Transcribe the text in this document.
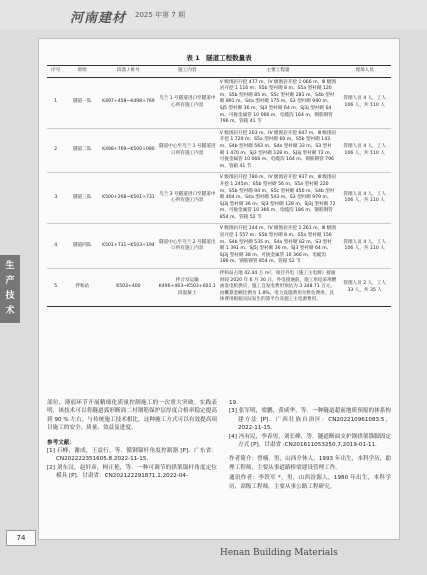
河南建材 2025 年第 7 期
生
产
技
术
表 1　隧道工程数量表
序号	班组	段落 / 桩号	施工内容	主要工程量	现场人员
1	隧道一队	K497+458~K498+769	乌兰 1 号隧道进口至隧道中心所有施工内容	V 级围岩开挖 477 m，IV 级围岩开挖 1 066 m，Ⅲ 级围岩开挖 1 116 m；S5b 型衬砌 8 m、S5a 型衬砌 120 m、S5b 型衬砌 85 m、S5c 型衬砌 281 m、S4b 型衬砌 891 m、S4a 型衬砌 175 m、S3 型衬砌 940 m、SJ5 型衬砌 36 m、SJ3 型衬砌 64 m、SJ3j 型衬砌 64 m、可拢金属管 10 066 m、电缆沟 164 m、钢筋钢管 796 m、管箱 41 节	管理人员 4 人，工人 106 人，共 110 人
2	隧道二队	K498+769~K500+080	隧道中心至乌兰 1 号隧道进口所有施工内容	V 级围岩开挖 263 m，IV 级围岩开挖 647 m，Ⅲ 级围岩开挖 1 729 m；S5a 型衬砌 60 m、S5b 型衬砌 143 m、S4b 型衬砌 563 m、S4a 型衬砌 33 m、S3 型衬砌 1 470 m、SJ3 型衬砌 128 m、SJ3j 型衬砌 72 m、可拢金属管 10 066 m、电缆沟 164 m、钢筋钢管 796 m、管箱 41 节	管理人员 4 人，工人 106 人，共 110 人
3	隧道三队	K500+268~K501+731	乌兰 2 号隧道进口至隧道中心所有施工内容	V 级围岩开挖 780 m，IV 级围岩开挖 937 m，Ⅲ 级围岩开挖 1 245m；S5b 型衬砌 56 m、S5a 型衬砌 220 m、S5b 型衬砌 94 m、S5c 型衬砌 450 m、S4b 型衬砌 404 m、S4a 型衬砌 543 m、S3 型衬砌 979 m、SJ3j 型衬砌 36 m、SJ3 型衬砌 128 m、SJ3j 型衬砌 72 m、可拢金属管 10 366 m、电缆沟 186 m、钢筋钢管 854 m、管箱 52 节	管理人员 4 人，工人 106 人，共 110 人
4	隧道四队	K501+731~K503+194	隧道中心至乌兰 2 号隧道出口所有施工内容	V 级围岩开挖 144 m，IV 级围岩开挖 1 261 m，Ⅲ 级围岩开挖 1 557 m；S5b 型衬砌 8 m、S5a 型衬砌 156 m、S4b 型衬砌 535 m、S4a 型衬砌 82 m、S3 型衬砌 1 391 m、SJ5j 型衬砌 36 m、SJ3 型衬砌 64 m、SJ3j 型衬砌 38 m、可拢金属管 10 366 m、电缆沟 186 m、钢筋钢管 854 m、管箱 52 节	管理人员 4 人，工人 106 人，共 110 人
5	拌和站	K503+400	拌合及运输 K496+463~K503+601.1 段混凝土	拌和站占地 42.44 万 m²，项目外电（施工主电源）接通时间 2020 年 6 月 30 日，外电接通前，施工用电采用燃油发电机供应，施工自发电费用预估为 3 348.71 万元，由概算金额比例为 1.8%。电力设施费用为暂估费用，具体费用根据实际发生的算平台及施工主电源费用。	管理人员 2 人，工人 33 人，共 35 人

部位、薄弱环节开展精细化质量控制施工的一次重大突破。实践表明，该技术可以将隧道弧形断面二衬钢筋保护层厚度合格率稳定提高到 90 % 左右。与传统施工技术相比，这种施工方式可以有效提高项目施工的安全、质量、效益及进度。

参考文献：
[1] 石峰，谢成，王益行，等．循钢锚杆角度控制器 [P]．广东省：CN202222351605.8,2022-11-15.
[2] 刘东汉，赵轩彦，柯正艳，等．一种可调节的拱架锚杆角度定位模具 [P]．甘肃省：CN202122291871.1,2022-04-
19.
[3] 张军明，梁鹏，黄咸华，等．一种隧道超前地质预报的体系构建方法 [P]．广西壮族自治区：CN202210961083.5，2022-11-15.
[4] 冯有民，李春男，刘长峰，等．隧道断面支护钢拱架锚脚固定方式 [P]．甘肃省 :CN201611053250.7,2019-01-11.

作者简介：曾楠，男，山西介休人，1993 年出生，本科学历，助理工程师，主要从事道路桥梁建设管理工作。

通讯作者：李铁军 *，男，山西汾源人，1980 年出生，本科学历，高级工程师，主要从事公路工程研究。

74
Henan Building Materials
